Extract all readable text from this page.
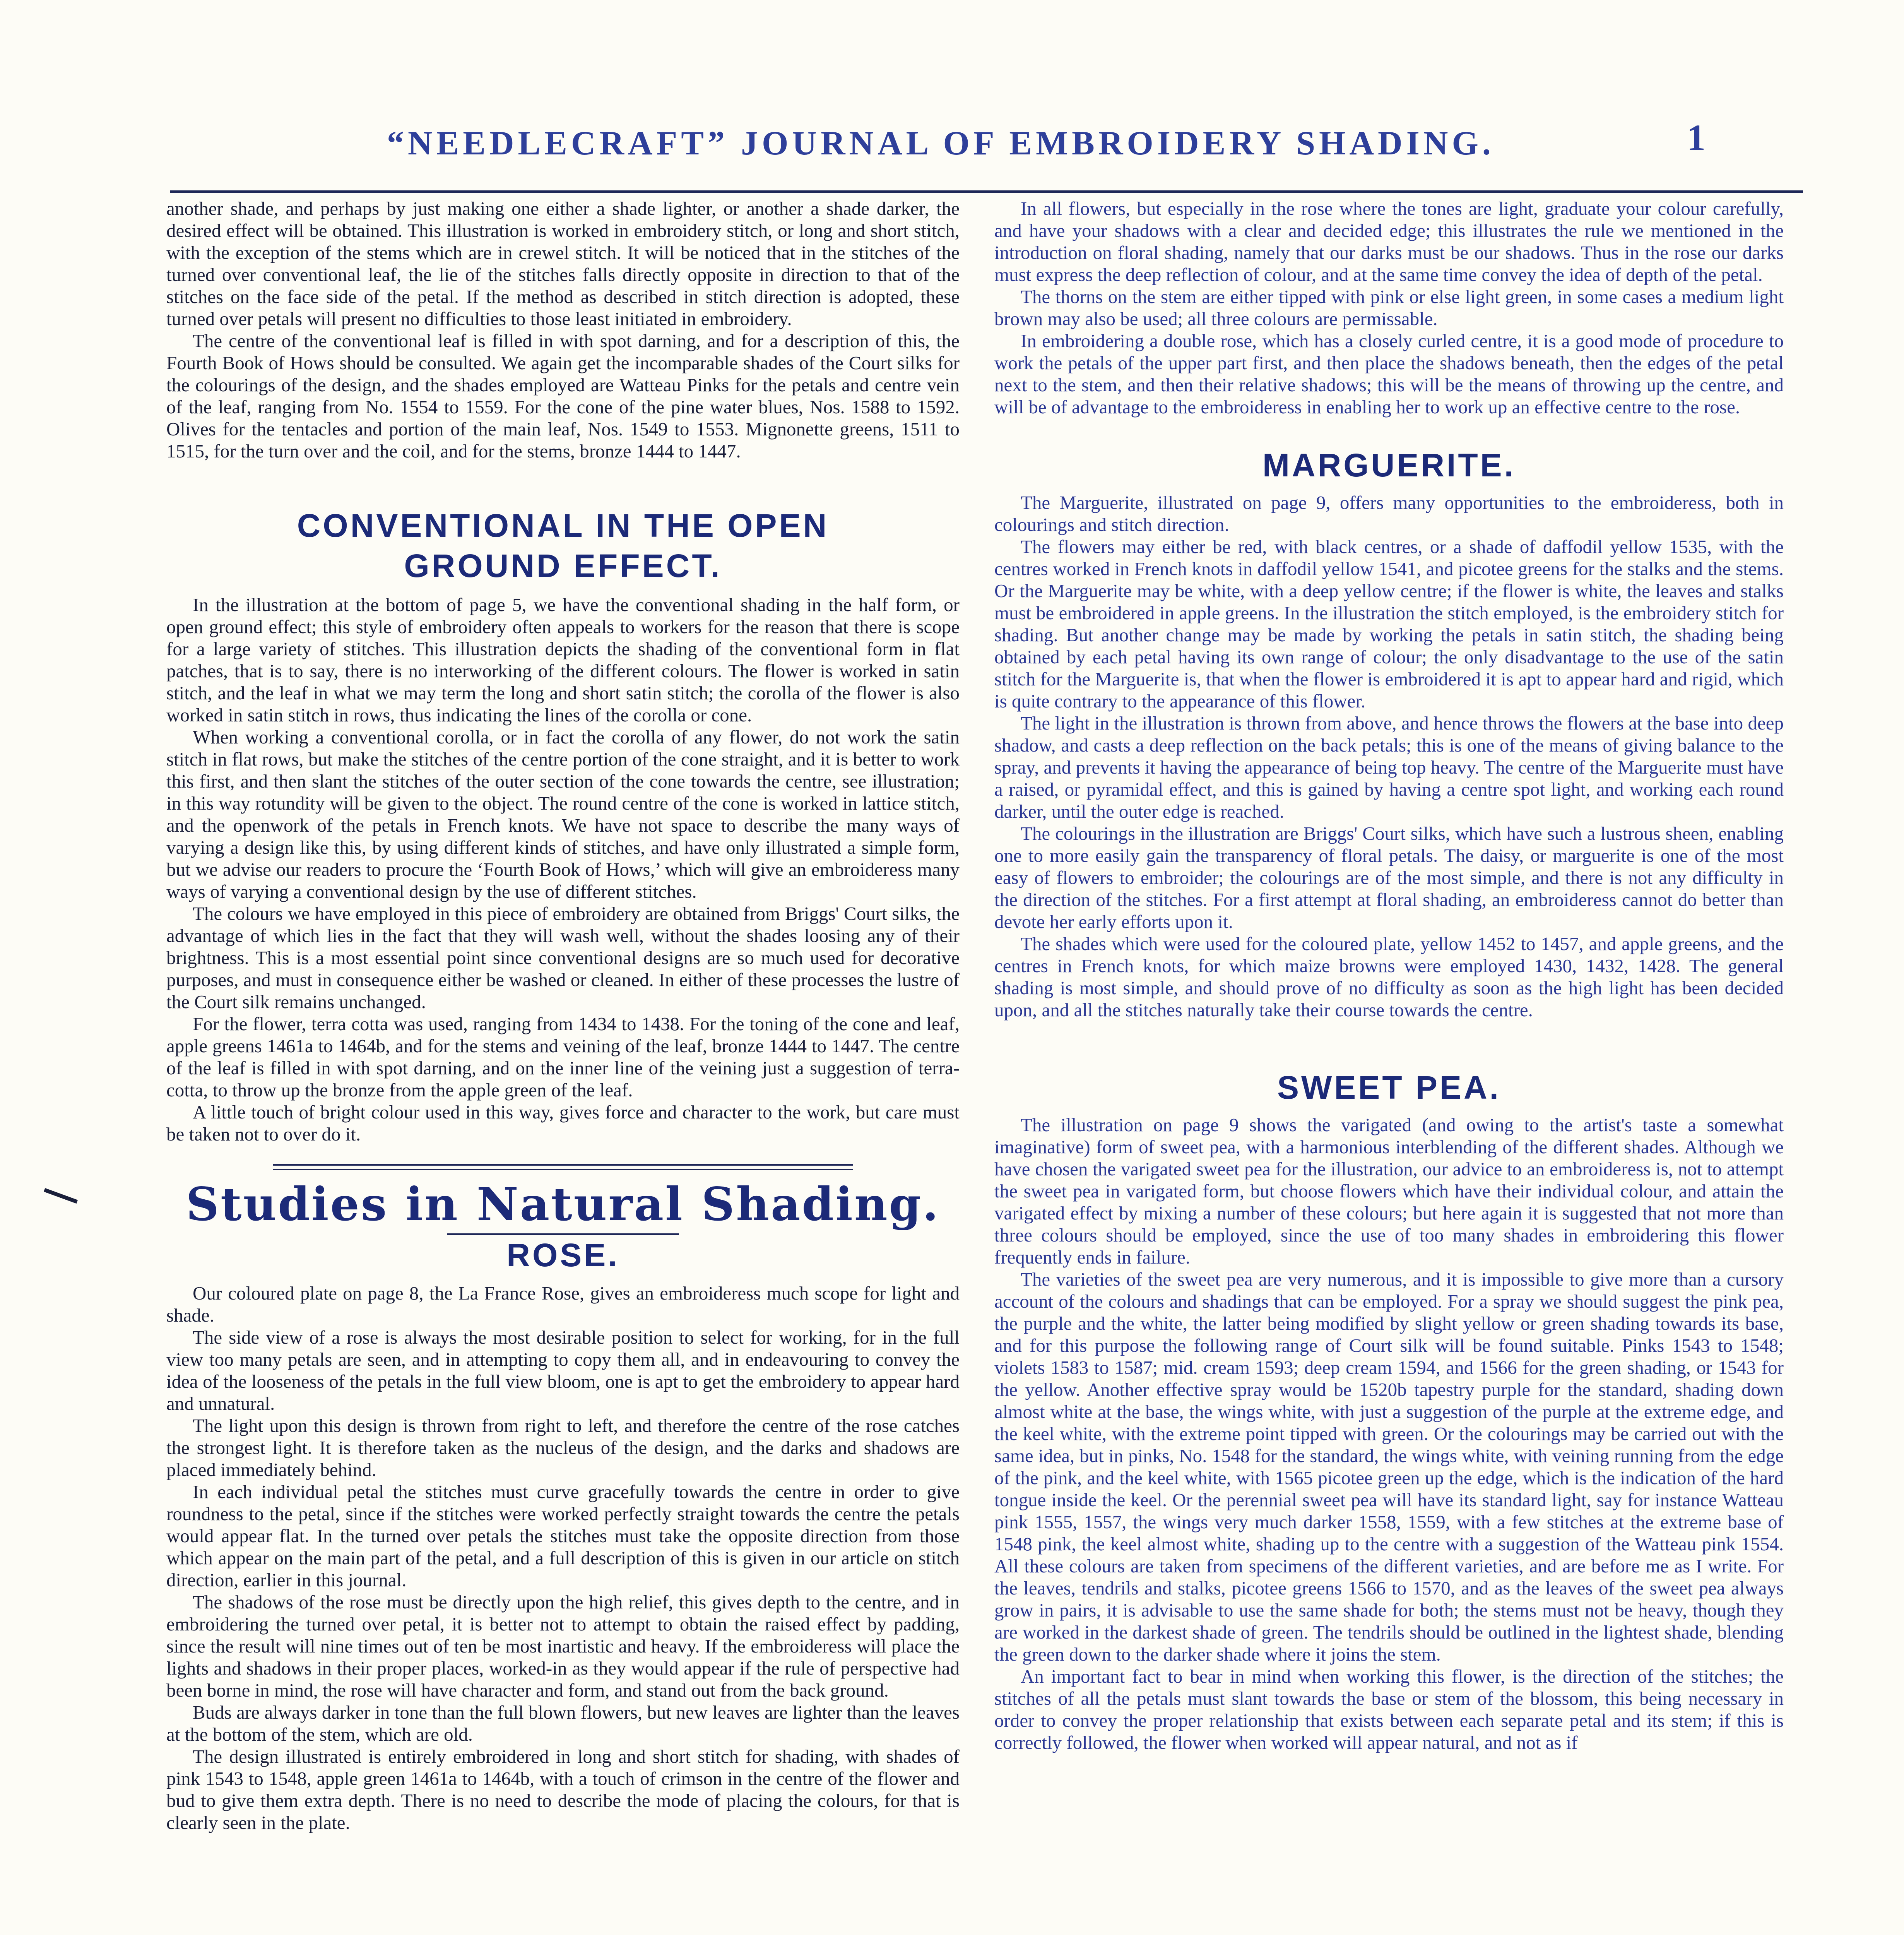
“NEEDLECRAFT” JOURNAL OF EMBROIDERY SHADING.	1

another shade, and perhaps by just making one either a shade lighter, or another a shade darker, the desired effect will be obtained. This illustration is worked in embroidery stitch, or long and short stitch, with the exception of the stems which are in crewel stitch. It will be noticed that in the stitches of the turned over conventional leaf, the lie of the stitches falls directly opposite in direction to that of the stitches on the face side of the petal. If the method as described in stitch direction is adopted, these turned over petals will present no difficulties to those least initiated in embroidery.

The centre of the conventional leaf is filled in with spot darning, and for a description of this, the Fourth Book of Hows should be consulted. We again get the incomparable shades of the Court silks for the colourings of the design, and the shades employed are Watteau Pinks for the petals and centre vein of the leaf, ranging from No. 1554 to 1559. For the cone of the pine water blues, Nos. 1588 to 1592. Olives for the tentacles and portion of the main leaf, Nos. 1549 to 1553. Mignonette greens, 1511 to 1515, for the turn over and the coil, and for the stems, bronze 1444 to 1447.

CONVENTIONAL IN THE OPEN
GROUND EFFECT.

In the illustration at the bottom of page 5, we have the conventional shading in the half form, or open ground effect; this style of embroidery often appeals to workers for the reason that there is scope for a large variety of stitches. This illustration depicts the shading of the conventional form in flat patches, that is to say, there is no interworking of the different colours. The flower is worked in satin stitch, and the leaf in what we may term the long and short satin stitch; the corolla of the flower is also worked in satin stitch in rows, thus indicating the lines of the corolla or cone.

When working a conventional corolla, or in fact the corolla of any flower, do not work the satin stitch in flat rows, but make the stitches of the centre portion of the cone straight, and it is better to work this first, and then slant the stitches of the outer section of the cone towards the centre, see illustration; in this way rotundity will be given to the object. The round centre of the cone is worked in lattice stitch, and the openwork of the petals in French knots. We have not space to describe the many ways of varying a design like this, by using different kinds of stitches, and have only illustrated a simple form, but we advise our readers to procure the ‘Fourth Book of Hows,’ which will give an embroideress many ways of varying a conventional design by the use of different stitches.

The colours we have employed in this piece of embroidery are obtained from Briggs' Court silks, the advantage of which lies in the fact that they will wash well, without the shades loosing any of their brightness. This is a most essential point since conventional designs are so much used for decorative purposes, and must in consequence either be washed or cleaned. In either of these processes the lustre of the Court silk remains unchanged.

For the flower, terra cotta was used, ranging from 1434 to 1438. For the toning of the cone and leaf, apple greens 1461a to 1464b, and for the stems and veining of the leaf, bronze 1444 to 1447. The centre of the leaf is filled in with spot darning, and on the inner line of the veining just a suggestion of terra-cotta, to throw up the bronze from the apple green of the leaf.

A little touch of bright colour used in this way, gives force and character to the work, but care must be taken not to over do it.

Studies in Natural Shading.
ROSE.

Our coloured plate on page 8, the La France Rose, gives an embroideress much scope for light and shade.

The side view of a rose is always the most desirable position to select for working, for in the full view too many petals are seen, and in attempting to copy them all, and in endeavouring to convey the idea of the looseness of the petals in the full view bloom, one is apt to get the embroidery to appear hard and unnatural.

The light upon this design is thrown from right to left, and therefore the centre of the rose catches the strongest light. It is therefore taken as the nucleus of the design, and the darks and shadows are placed immediately behind.

In each individual petal the stitches must curve gracefully towards the centre in order to give roundness to the petal, since if the stitches were worked perfectly straight towards the centre the petals would appear flat. In the turned over petals the stitches must take the opposite direction from those which appear on the main part of the petal, and a full description of this is given in our article on stitch direction, earlier in this journal.

The shadows of the rose must be directly upon the high relief, this gives depth to the centre, and in embroidering the turned over petal, it is better not to attempt to obtain the raised effect by padding, since the result will nine times out of ten be most inartistic and heavy. If the embroideress will place the lights and shadows in their proper places, worked-in as they would appear if the rule of perspective had been borne in mind, the rose will have character and form, and stand out from the back ground.

Buds are always darker in tone than the full blown flowers, but new leaves are lighter than the leaves at the bottom of the stem, which are old.

The design illustrated is entirely embroidered in long and short stitch for shading, with shades of pink 1543 to 1548, apple green 1461a to 1464b, with a touch of crimson in the centre of the flower and bud to give them extra depth. There is no need to describe the mode of placing the colours, for that is clearly seen in the plate.

In all flowers, but especially in the rose where the tones are light, graduate your colour carefully, and have your shadows with a clear and decided edge; this illustrates the rule we mentioned in the introduction on floral shading, namely that our darks must be our shadows. Thus in the rose our darks must express the deep reflection of colour, and at the same time convey the idea of depth of the petal.

The thorns on the stem are either tipped with pink or else light green, in some cases a medium light brown may also be used; all three colours are permissable.

In embroidering a double rose, which has a closely curled centre, it is a good mode of procedure to work the petals of the upper part first, and then place the shadows beneath, then the edges of the petal next to the stem, and then their relative shadows; this will be the means of throwing up the centre, and will be of advantage to the embroideress in enabling her to work up an effective centre to the rose.

MARGUERITE.

The Marguerite, illustrated on page 9, offers many opportunities to the embroideress, both in colourings and stitch direction.

The flowers may either be red, with black centres, or a shade of daffodil yellow 1535, with the centres worked in French knots in daffodil yellow 1541, and picotee greens for the stalks and the stems. Or the Marguerite may be white, with a deep yellow centre; if the flower is white, the leaves and stalks must be embroidered in apple greens. In the illustration the stitch employed, is the embroidery stitch for shading. But another change may be made by working the petals in satin stitch, the shading being obtained by each petal having its own range of colour; the only disadvantage to the use of the satin stitch for the Marguerite is, that when the flower is embroidered it is apt to appear hard and rigid, which is quite contrary to the appearance of this flower.

The light in the illustration is thrown from above, and hence throws the flowers at the base into deep shadow, and casts a deep reflection on the back petals; this is one of the means of giving balance to the spray, and prevents it having the appearance of being top heavy. The centre of the Marguerite must have a raised, or pyramidal effect, and this is gained by having a centre spot light, and working each round darker, until the outer edge is reached.

The colourings in the illustration are Briggs' Court silks, which have such a lustrous sheen, enabling one to more easily gain the transparency of floral petals. The daisy, or marguerite is one of the most easy of flowers to embroider; the colourings are of the most simple, and there is not any difficulty in the direction of the stitches. For a first attempt at floral shading, an embroideress cannot do better than devote her early efforts upon it.

The shades which were used for the coloured plate, yellow 1452 to 1457, and apple greens, and the centres in French knots, for which maize browns were employed 1430, 1432, 1428. The general shading is most simple, and should prove of no difficulty as soon as the high light has been decided upon, and all the stitches naturally take their course towards the centre.

SWEET PEA.

The illustration on page 9 shows the varigated (and owing to the artist's taste a somewhat imaginative) form of sweet pea, with a harmonious interblending of the different shades. Although we have chosen the varigated sweet pea for the illustration, our advice to an embroideress is, not to attempt the sweet pea in varigated form, but choose flowers which have their individual colour, and attain the varigated effect by mixing a number of these colours; but here again it is suggested that not more than three colours should be employed, since the use of too many shades in embroidering this flower frequently ends in failure.

The varieties of the sweet pea are very numerous, and it is impossible to give more than a cursory account of the colours and shadings that can be employed. For a spray we should suggest the pink pea, the purple and the white, the latter being modified by slight yellow or green shading towards its base, and for this purpose the following range of Court silk will be found suitable. Pinks 1543 to 1548; violets 1583 to 1587; mid. cream 1593; deep cream 1594, and 1566 for the green shading, or 1543 for the yellow. Another effective spray would be 1520b tapestry purple for the standard, shading down almost white at the base, the wings white, with just a suggestion of the purple at the extreme edge, and the keel white, with the extreme point tipped with green. Or the colourings may be carried out with the same idea, but in pinks, No. 1548 for the standard, the wings white, with veining running from the edge of the pink, and the keel white, with 1565 picotee green up the edge, which is the indication of the hard tongue inside the keel. Or the perennial sweet pea will have its standard light, say for instance Watteau pink 1555, 1557, the wings very much darker 1558, 1559, with a few stitches at the extreme base of 1548 pink, the keel almost white, shading up to the centre with a suggestion of the Watteau pink 1554. All these colours are taken from specimens of the different varieties, and are before me as I write. For the leaves, tendrils and stalks, picotee greens 1566 to 1570, and as the leaves of the sweet pea always grow in pairs, it is advisable to use the same shade for both; the stems must not be heavy, though they are worked in the darkest shade of green. The tendrils should be outlined in the lightest shade, blending the green down to the darker shade where it joins the stem.

An important fact to bear in mind when working this flower, is the direction of the stitches; the stitches of all the petals must slant towards the base or stem of the blossom, this being necessary in order to convey the proper relationship that exists between each separate petal and its stem; if this is correctly followed, the flower when worked will appear natural, and not as if
